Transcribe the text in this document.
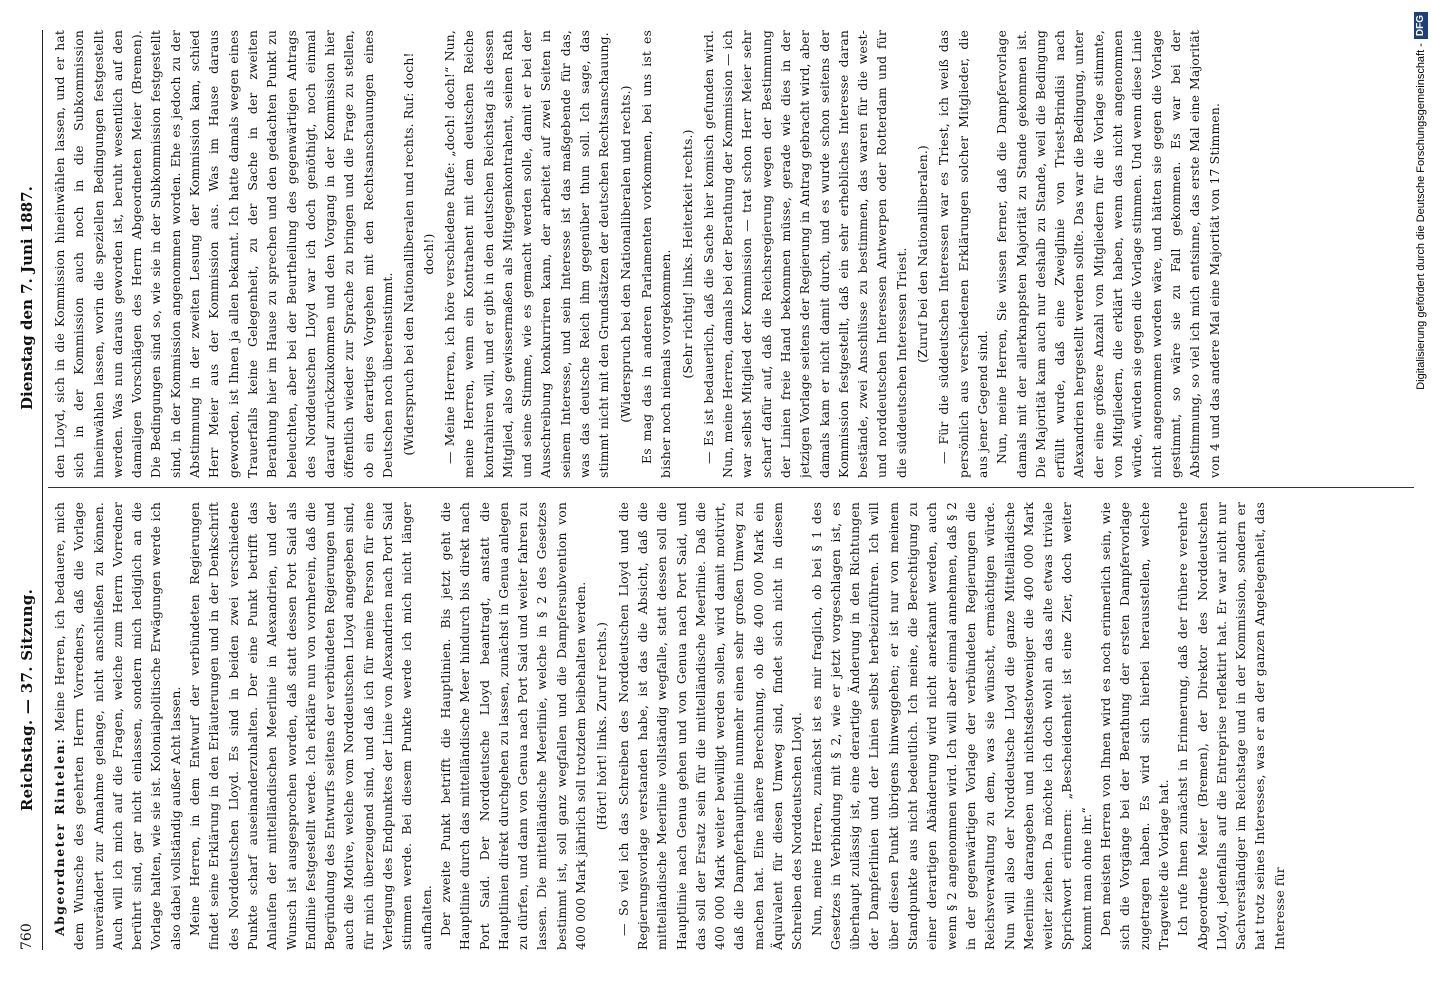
760
Reichstag. — 37. Sitzung.
Dienstag den 7. Juni 1887.

Abgeordneter Rintelen: Meine Herren, ich bedauere, mich dem Wunsche des geehrten Herrn Vorredners, daß die Vorlage unverändert zur Annahme gelange, nicht anschließen zu können. Auch will ich mich auf die Fragen, welche zum Herrn Vorredner berührt sind, gar nicht einlassen, sondern mich lediglich an die Vorlage halten, wie sie ist. Kolonialpolitische Erwägungen werde ich also dabei vollständig außer Acht lassen. Meine Herren, in dem Entwurf der verbündeten Regierungen findet seine Erklärung in den Erläuterungen und in der Denkschrift des Norddeutschen Lloyd. Es sind in beiden zwei verschiedene Punkte scharf auseinanderzuhalten. Der eine Punkt betrifft das Anlaufen der mittelländischen Meerlinie in Alexandrien, und der Wunsch ist ausgesprochen worden, daß statt dessen Port Said als Endlinie festgestellt werde. Ich erkläre nun von vornherein, daß die Begründung des Entwurfs seitens der verbündeten Regierungen und auch die Motive, welche vom Norddeutschen Lloyd angegeben sind, für mich überzeugend sind, und daß ich für meine Person für eine Verlegung des Endpunktes der Linie von Alexandrien nach Port Said stimmen werde. Bei diesem Punkte werde ich mich nicht länger aufhalten. Der zweite Punkt betrifft die Hauptlinien. Bis jetzt geht die Hauptlinie durch das mittelländische Meer hindurch bis direkt nach Port Said. Der Norddeutsche Lloyd beantragt, anstatt die Hauptlinien direkt durchgehen zu lassen, zunächst in Genua anlegen zu dürfen, und dann von Genua nach Port Said und weiter fahren zu lassen. Die mittelländische Meerlinie, welche in § 2 des Gesetzes bestimmt ist, soll ganz wegfallen und die Dampfersubvention von 400 000 Mark jährlich soll trotzdem beibehalten werden. (Hört! hört! links. Zuruf rechts.) — So viel ich das Schreiben des Norddeutschen Lloyd und die Regierungsvorlage verstanden habe, ist das die Absicht, daß die mittelländische Meerlinie vollständig wegfalle, statt dessen soll die Hauptlinie nach Genua gehen und von Genua nach Port Said, und das soll der Ersatz sein für die mittelländische Meerlinie. Daß die 400 000 Mark weiter bewilligt werden sollen, wird damit motivirt, daß die Dampferhauptlinie nunmehr einen sehr großen Umweg zu machen hat. Eine nähere Berechnung, ob die 400 000 Mark ein Äquivalent für diesen Umweg sind, findet sich nicht in diesem Schreiben des Norddeutschen Lloyd. Nun, meine Herren, zunächst ist es mir fraglich, ob bei § 1 des Gesetzes in Verbindung mit § 2, wie er jetzt vorgeschlagen ist, es überhaupt zulässig ist, eine derartige Änderung in den Richtungen der Dampferlinien und der Linien selbst herbeizuführen. Ich will über diesen Punkt übrigens hinweggehen; er ist nur von meinem Standpunkte aus nicht bedeutlich. Ich meine, die Berechtigung zu einer derartigen Abänderung wird nicht anerkannt werden, auch wenn § 2 angenommen wird. Ich will aber einmal annehmen, daß § 2 in der gegenwärtigen Vorlage der verbündeten Regierungen die Reichsverwaltung zu dem, was sie wünscht, ermächtigen würde. Nun will also der Norddeutsche Lloyd die ganze Mittelländische Meerlinie darangeben und nichtsdestoweniger die 400 000 Mark weiter ziehen. Da möchte ich doch wohl an das alte etwas triviale Sprichwort erinnern: „Bescheidenheit ist eine Zier, doch weiter kommt man ohne ihr.“ Den meisten Herren von Ihnen wird es noch erinnerlich sein, wie sich die Vorgänge bei der Berathung der ersten Dampfervorlage zugetragen haben. Es wird sich hierbei herausstellen, welche Tragweite die Vorlage hat. Ich rufe Ihnen zunächst in Erinnerung, daß der frühere verehrte Abgeordnete Meier (Bremen), der Direktor des Norddeutschen Lloyd, jedenfalls auf die Entreprise reflektirt hat. Er war nicht nur Sachverständiger im Reichstage und in der Kommission, sondern er hat trotz seines Interesses, was er an der ganzen Angelegenheit, das Interesse für

den Lloyd, sich in die Kommission hineinwählen lassen, und er hat sich in der Kommission auch noch in die Subkommission hineinwählen lassen, worin die speziellen Bedingungen festgestellt werden. Was nun daraus geworden ist, beruht wesentlich auf den damaligen Vorschlägen des Herrn Abgeordneten Meier (Bremen). Die Bedingungen sind so, wie sie in der Subkommission festgestellt sind, in der Kommission angenommen worden. Ehe es jedoch zu der Abstimmung in der zweiten Lesung der Kommission kam, schied Herr Meier aus der Kommission aus. Was im Hause daraus geworden, ist Ihnen ja allen bekannt. Ich hatte damals wegen eines Trauerfalls keine Gelegenheit, zu der Sache in der zweiten Berathung hier im Hause zu sprechen und den gedachten Punkt zu beleuchten, aber bei der Beurtheilung des gegenwärtigen Antrags des Norddeutschen Lloyd war ich doch genöthigt, noch einmal darauf zurückzukommen und den Vorgang in der Kommission hier öffentlich wieder zur Sprache zu bringen und die Frage zu stellen, ob ein derartiges Vorgehen mit den Rechtsanschauungen eines Deutschen noch übereinstimmt. (Widerspruch bei den Nationalliberalen und rechts. Ruf: doch! doch!) — Meine Herren, ich höre verschiedene Rufe: „doch! doch!“ Nun, meine Herren, wenn ein Kontrahent mit dem deutschen Reiche kontrahiren will, und er gibt in den deutschen Reichstag als dessen Mitglied, also gewissermaßen als Mitgegenkontrahent, seinen Rath und seine Stimme, wie es gemacht werden solle, damit er bei der Ausschreibung konkurriren kann, der arbeitet auf zwei Seiten in seinem Interesse, und sein Interesse ist das maßgebende für das, was das deutsche Reich ihm gegenüber thun soll. Ich sage, das stimmt nicht mit den Grundsätzen der deutschen Rechtsanschauung. (Widerspruch bei den Nationalliberalen und rechts.) Es mag das in anderen Parlamenten vorkommen, bei uns ist es bisher noch niemals vorgekommen. (Sehr richtig! links. Heiterkeit rechts.) — Es ist bedauerlich, daß die Sache hier komisch gefunden wird. Nun, meine Herren, damals bei der Berathung der Kommission — ich war selbst Mitglied der Kommission — trat schon Herr Meier sehr scharf dafür auf, daß die Reichsregierung wegen der Bestimmung der Linien freie Hand bekommen müsse, gerade wie dies in der jetzigen Vorlage seitens der Regierung in Antrag gebracht wird, aber damals kam er nicht damit durch, und es wurde schon seitens der Kommission festgestellt, daß ein sehr erhebliches Interesse daran bestände, zwei Anschlüsse zu bestimmen, das waren für die west- und norddeutschen Interessen Antwerpen oder Rotterdam und für die süddeutschen Interessen Triest. (Zuruf bei den Nationalliberalen.) — Für die süddeutschen Interessen war es Triest, ich weiß das persönlich aus verschiedenen Erklärungen solcher Mitglieder, die aus jener Gegend sind. Nun, meine Herren, Sie wissen ferner, daß die Dampfervorlage damals mit der allerknappsten Majorität zu Stande gekommen ist. Die Majorität kam auch nur deshalb zu Stande, weil die Bedingung erfüllt wurde, daß eine Zweiglinie von Triest-Brindisi nach Alexandrien hergestellt werden sollte. Das war die Bedingung, unter der eine größere Anzahl von Mitgliedern für die Vorlage stimmte, von Mitgliedern, die erklärt haben, wenn das nicht angenommen würde, würden sie gegen die Vorlage stimmen. Und wenn diese Linie nicht angenommen worden wäre, und hätten sie gegen die Vorlage gestimmt, so wäre sie zu Fall gekommen. Es war bei der Abstimmung, so viel ich mich entsinne, das erste Mal eine Majorität von 4 und das andere Mal eine Majorität von 17 Stimmen.	Digitalisierung gefördert durch die Deutsche Forschungsgemeinschaft -DFG
